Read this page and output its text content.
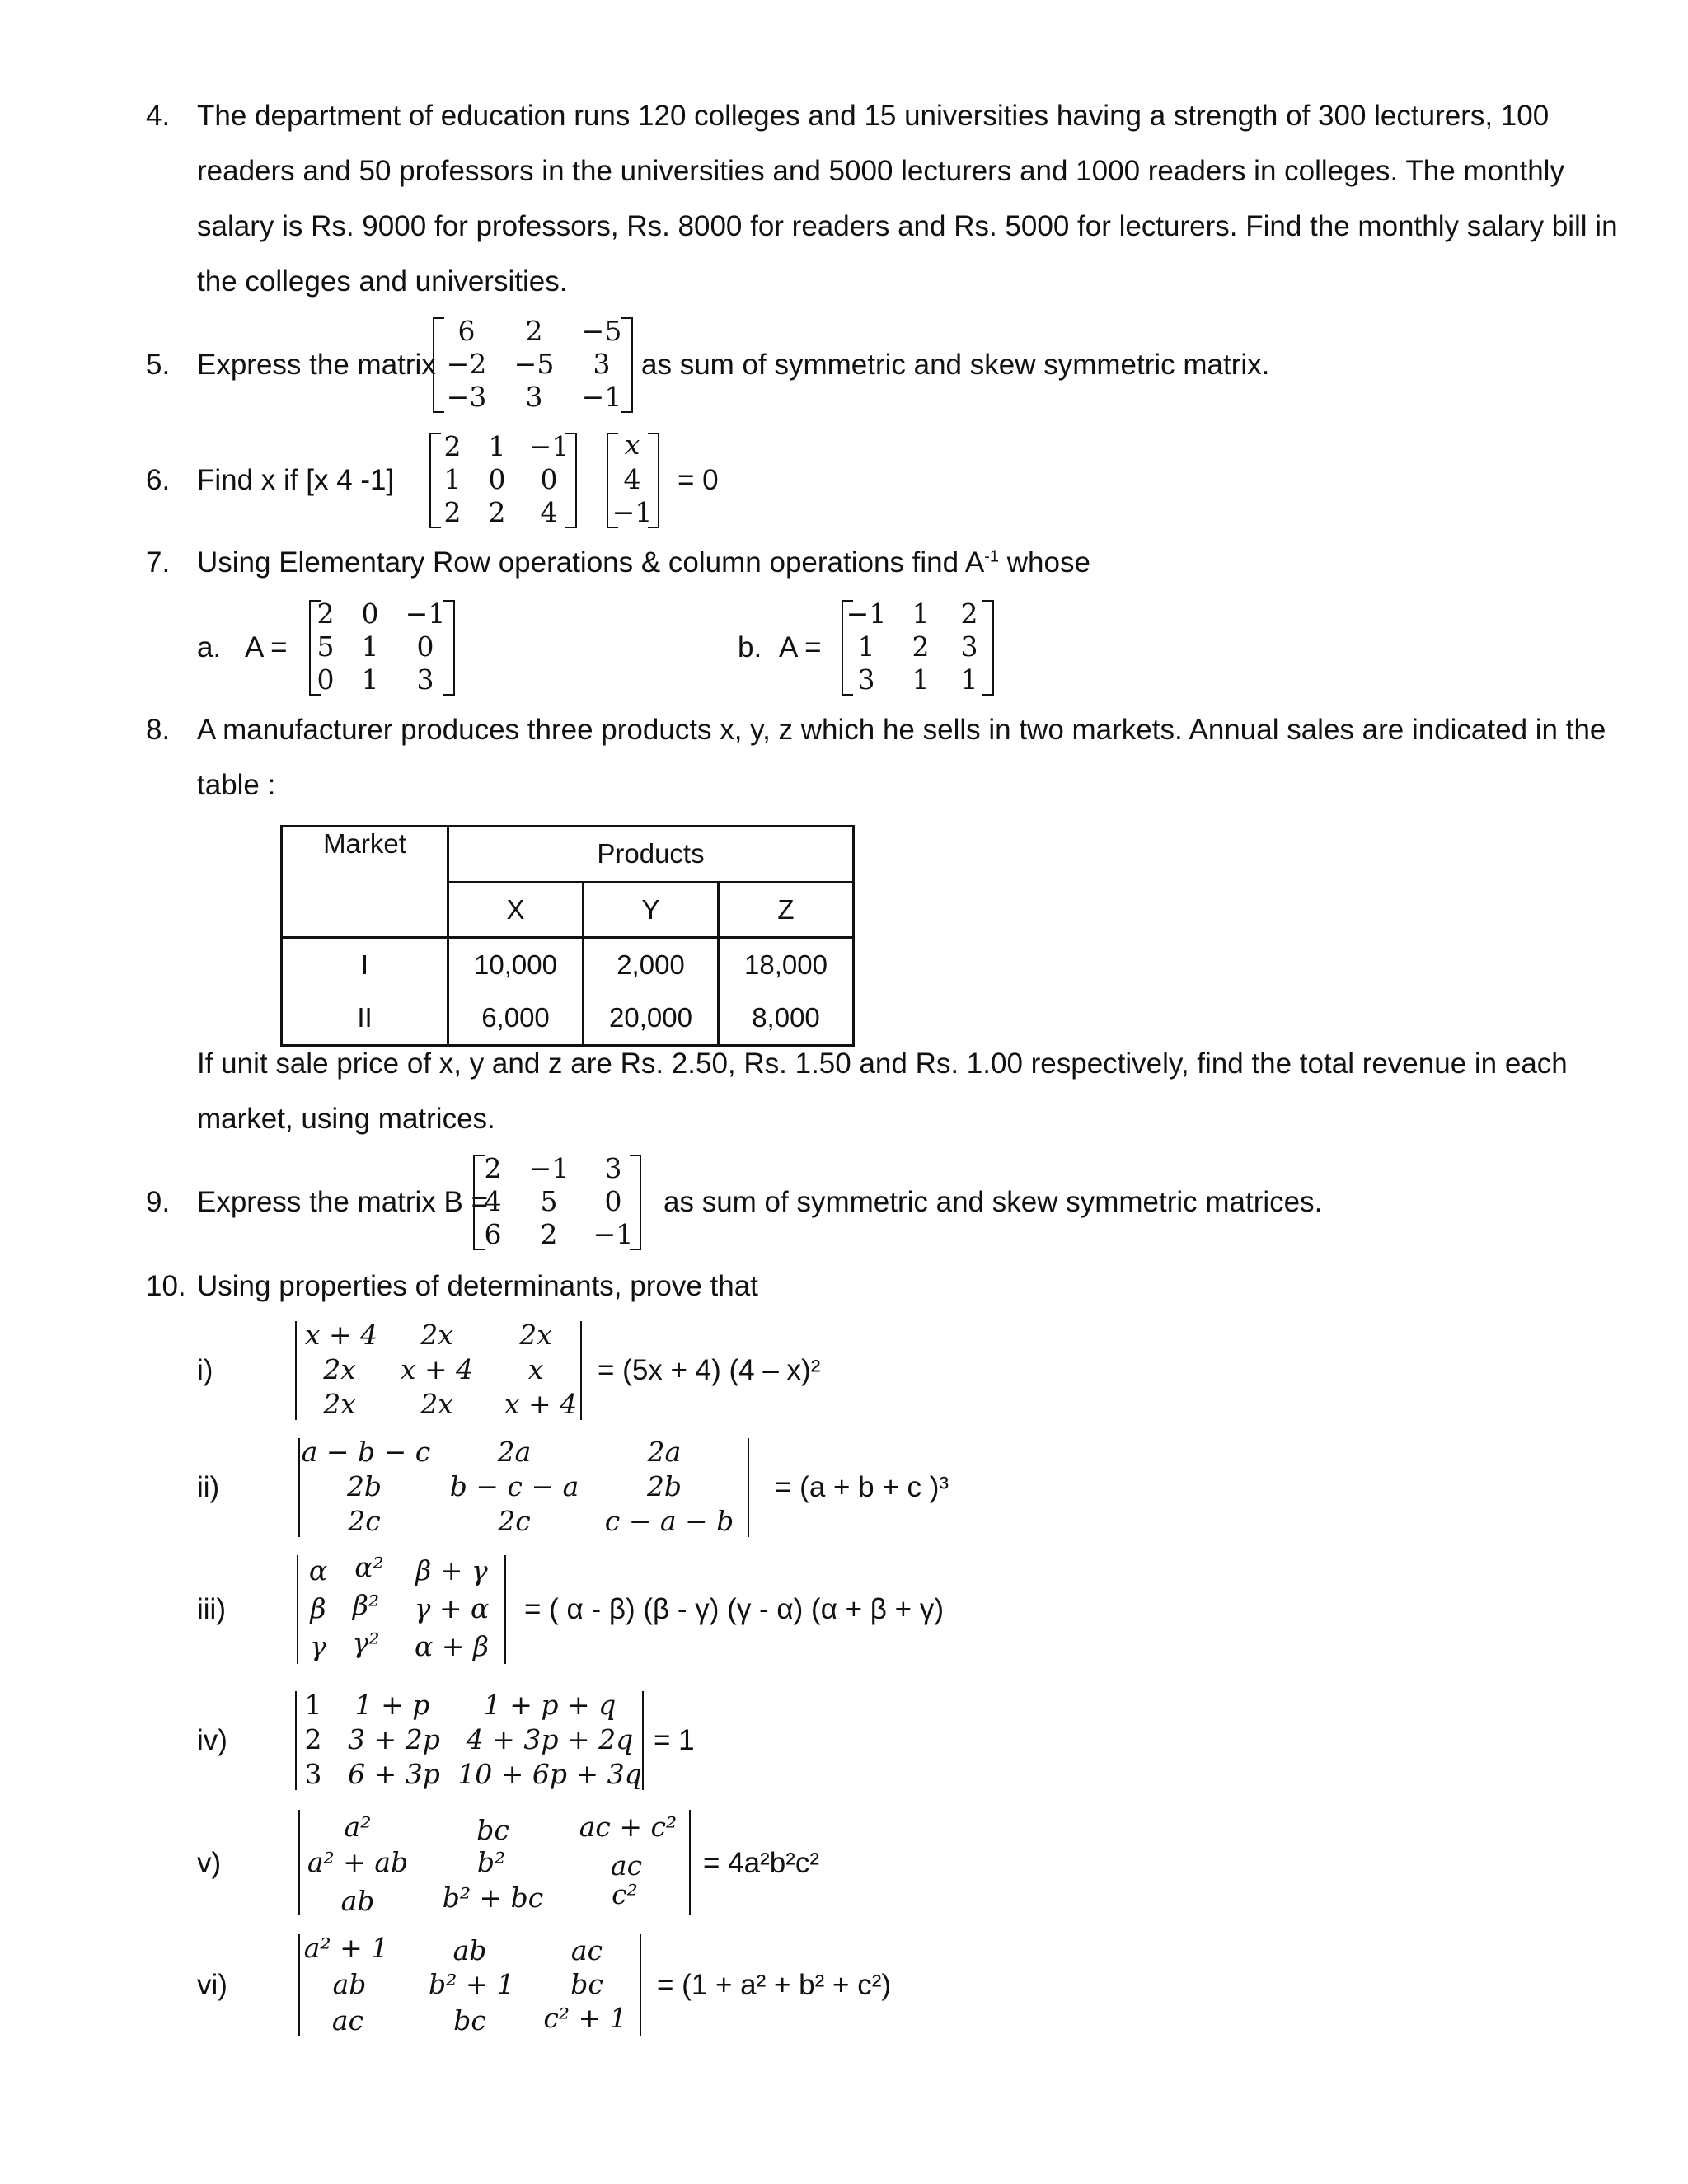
4. The department of education runs 120 colleges and 15 universities having a strength of 300 lecturers, 100
readers and 50 professors in the universities and 5000 lecturers and 1000 readers in colleges. The monthly
salary is Rs. 9000 for professors, Rs. 8000 for readers and Rs. 5000 for lecturers. Find the monthly salary bill in
the colleges and universities.
5. Express the matrix
6 2 −5
−2 −5 3
−3 3 −1
as sum of symmetric and skew symmetric matrix.
6. Find x if [x 4 -1]
2 1 −1
1 0 0
2 2 4
x
4
−1
= 0
7. Using Elementary Row operations & column operations find $A^{-1}$ whose
a. A =
2 0 −1
5 1 0
0 1 3
b. A =
−1 1 2
1 2 3
3 1 1
8. A manufacturer produces three products x, y, z which he sells in two markets. Annual sales are indicated in the
table :
Market	Products		
	X	Y	Z
I	10,000	2,000	18,000
II	6,000	20,000	8,000
If unit sale price of x, y and z are Rs. 2.50, Rs. 1.50 and Rs. 1.00 respectively, find the total revenue in each
market, using matrices.
9. Express the matrix B =
2 −1 3
4 5 0
6 2 −1
as sum of symmetric and skew symmetric matrices.
10. Using properties of determinants, prove that
i)
x + 4 2x 2x
2x x + 4 x
2x 2x x + 4
= (5x + 4) (4 – x)²
ii)
a − b − c 2a	2a
2b	b − c − a	2b
2c	2c	c − a − b
= (a + b + c )³
iii)
α α² β + γ
β β² γ + α
γ γ² α + β
= ( α - β) (β - γ) (γ - α) (α + β + γ)
iv)
1 1 + p 1 + p + q
2 3 + 2p 4 + 3p + 2q
3 6 + 3p 10 + 6p + 3q
= 1
v)
a²	bc	ac + c²
a² + ab	b²	ac
ab b² + bc	c²
= 4a²b²c²
vi)
a² + 1 ab	ac
ab b² + 1 bc
ac	bc c² + 1
= (1 + a² + b² + c²)
